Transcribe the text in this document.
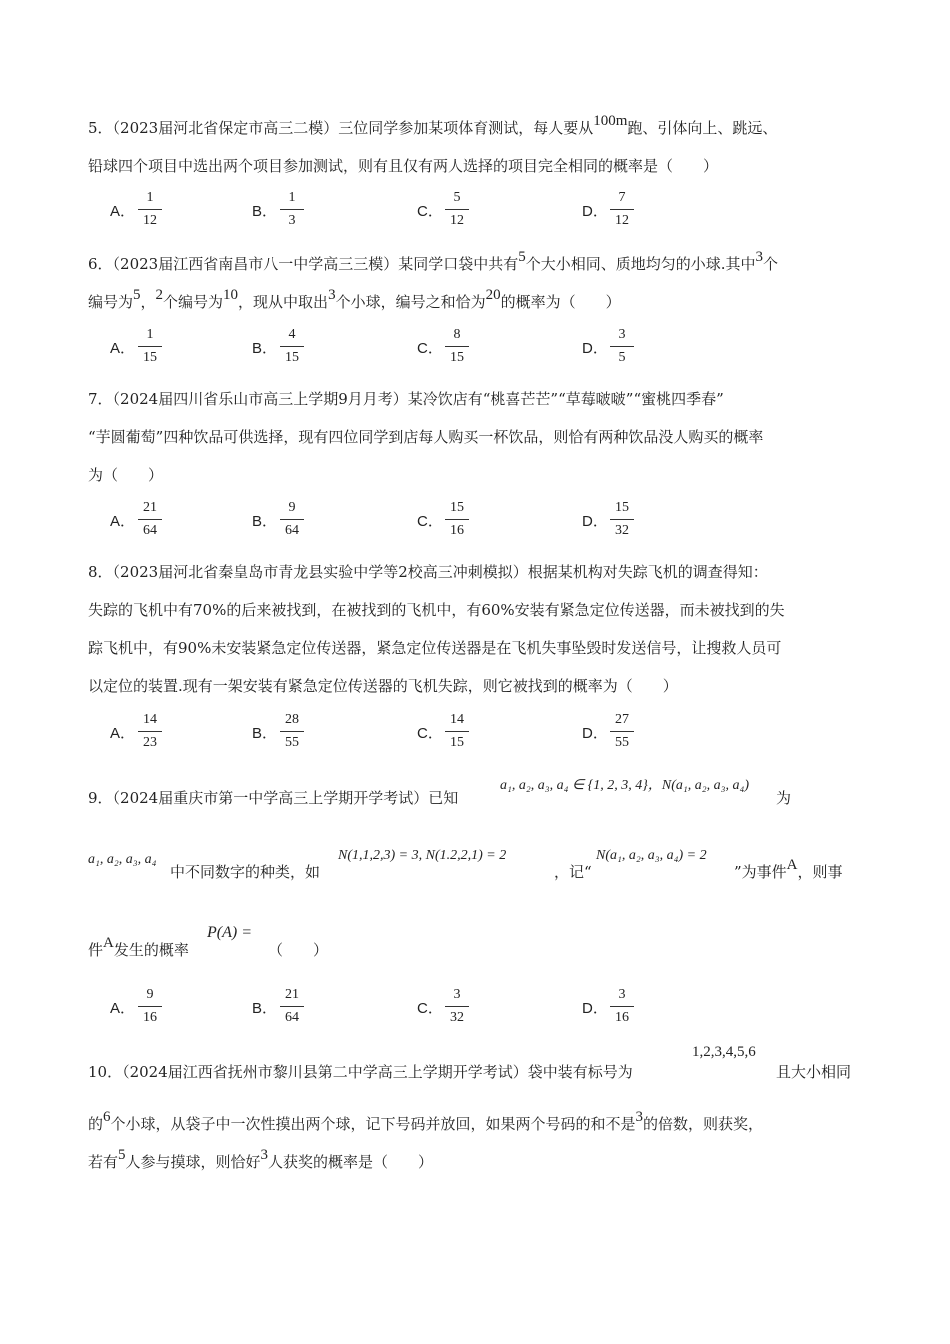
5．（2023届河北省保定市高三二模）三位同学参加某项体育测试，每人要从100m跑、引体向上、跳远、
铅球四个项目中选出两个项目参加测试，则有且仅有两人选择的项目完全相同的概率是（　　）
A．
1
12
B．
1
3
C．
5
12
D．
7
12
6．（2023届江西省南昌市八一中学高三三模）某同学口袋中共有5个大小相同、质地均匀的小球.其中3个
编号为5，2个编号为10，现从中取出3个小球，编号之和恰为20的概率为（　　）
A．
1
15
B．
4
15
C．
8
15
D．
3
5
7．（2024届四川省乐山市高三上学期9月月考）某冷饮店有“桃喜芒芒”“草莓啵啵”“蜜桃四季春”
“芋圆葡萄”四种饮品可供选择，现有四位同学到店每人购买一杯饮品，则恰有两种饮品没人购买的概率
为（　　）
A．
21
64
B．
9
64
C．
15
16
D．
15
32
8．（2023届河北省秦皇岛市青龙县实验中学等2校高三冲刺模拟）根据某机构对失踪飞机的调查得知：
失踪的飞机中有70%的后来被找到，在被找到的飞机中，有60%安装有紧急定位传送器，而未被找到的失
踪飞机中，有90%未安装紧急定位传送器，紧急定位传送器是在飞机失事坠毁时发送信号，让搜救人员可
以定位的装置.现有一架安装有紧急定位传送器的飞机失踪，则它被找到的概率为（　　）
A．
14
23
B．
28
55
C．
14
15
D．
27
55
9．（2024届重庆市第一中学高三上学期开学考试）已知
a₁, a₂, a₃, a₄ ∈ {1, 2, 3, 4}，N(a₁, a₂, a₃, a₄)
为
a₁, a₂, a₃, a₄
中不同数字的种类，如
N(1,1,2,3) = 3, N(1.2,2,1) = 2
，记“
N(a₁, a₂, a₃, a₄) = 2
”为事件A，则事
件A发生的概率
P(A) =
（　　）
A．
9
16
B．
21
64
C．
3
32
D．
3
16
10．（2024届江西省抚州市黎川县第二中学高三上学期开学考试）袋中装有标号为
1,2,3,4,5,6
且大小相同
的6个小球，从袋子中一次性摸出两个球，记下号码并放回，如果两个号码的和不是3的倍数，则获奖，
若有5人参与摸球，则恰好3人获奖的概率是（　　）
